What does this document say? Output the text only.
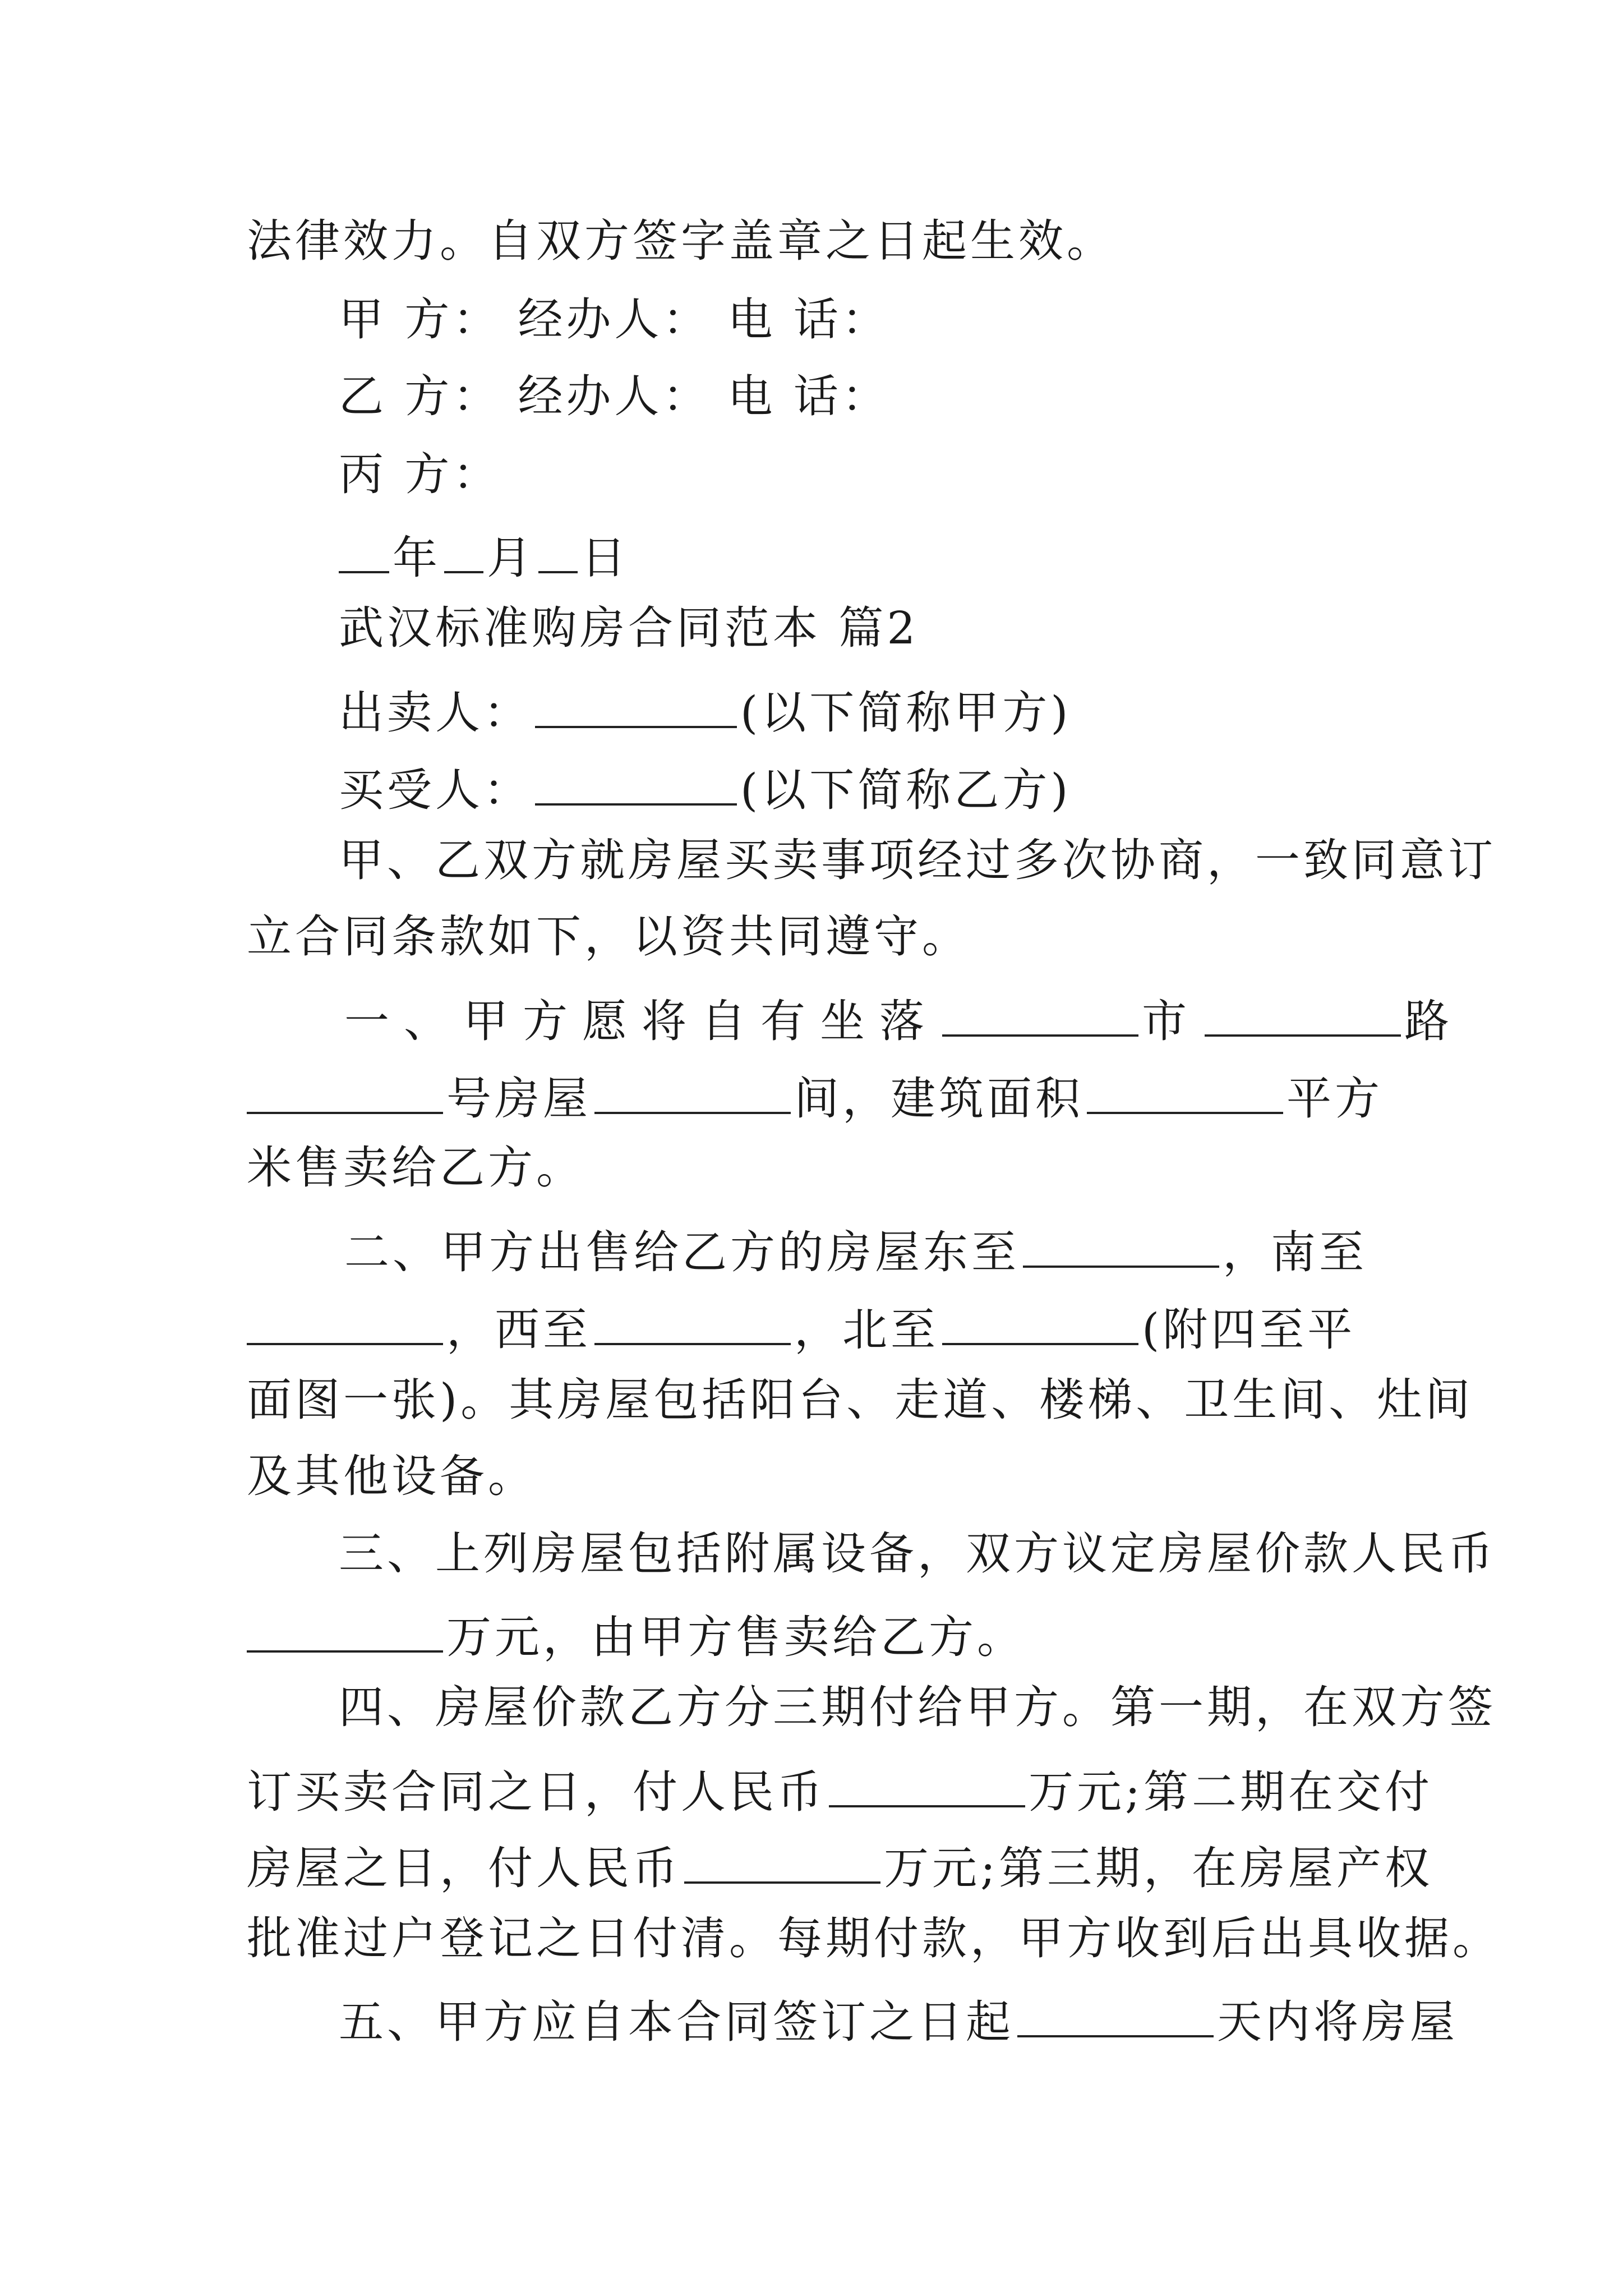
法律效力。自双方签字盖章之日起生效。
甲 方： 经办人： 电 话：
乙 方： 经办人： 电 话：
丙 方：
年 月 日
武汉标准购房合同范本 篇2
出卖人：	(以下简称甲方)
买受人：	(以下简称乙方)
甲、乙双方就房屋买卖事项经过多次协商，一致同意订
立合同条款如下，以资共同遵守。
一、甲方愿将自有坐落	市	路
号房屋	间，建筑面积	平方
米售卖给乙方。
二、甲方出售给乙方的房屋东至	，南至
，西至	，北至	(附四至平
面图一张)。其房屋包括阳台、走道、楼梯、卫生间、灶间
及其他设备。
三、上列房屋包括附属设备，双方议定房屋价款人民币
万元，由甲方售卖给乙方。
四、房屋价款乙方分三期付给甲方。第一期，在双方签
订买卖合同之日，付人民币	万元;第二期在交付
房屋之日，付人民币	万元;第三期，在房屋产权
批准过户登记之日付清。每期付款，甲方收到后出具收据。
五、甲方应自本合同签订之日起	天内将房屋
